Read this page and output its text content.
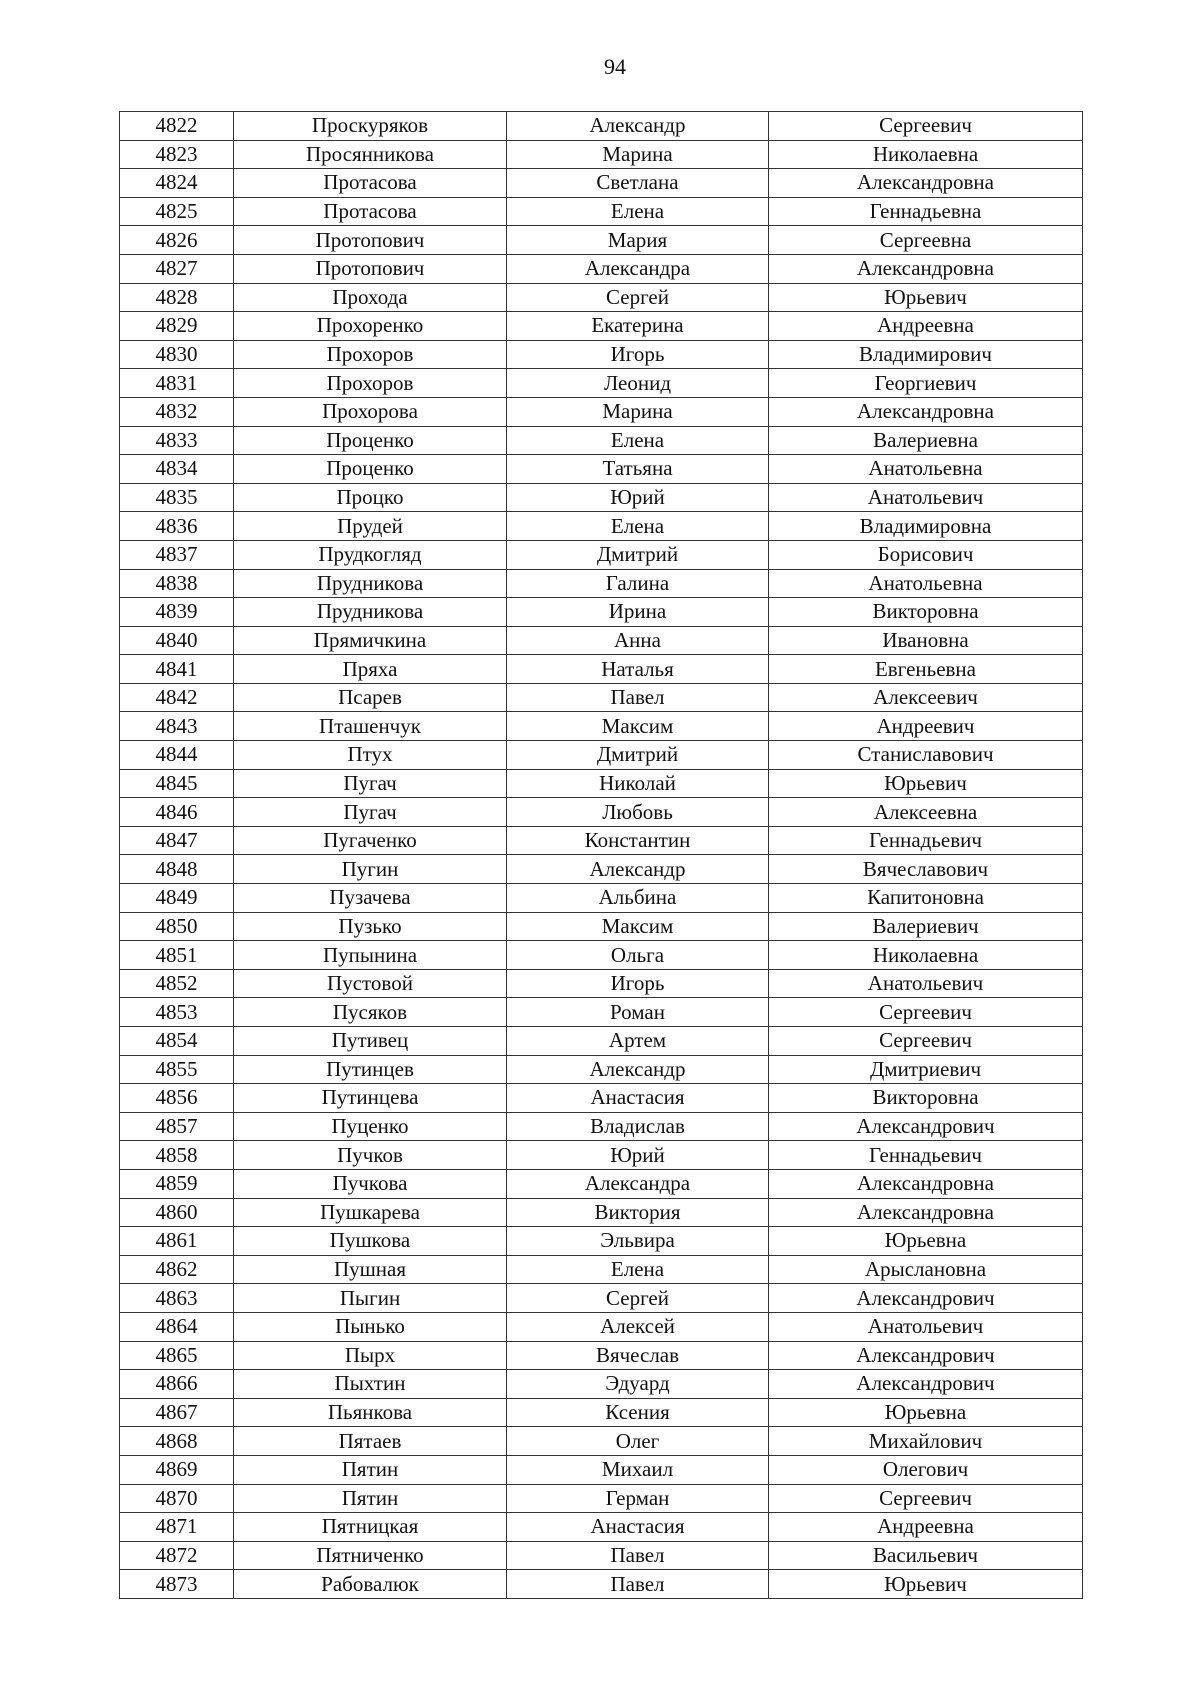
94
4822	Проскуряков	Александр	Сергеевич
4823	Просянникова	Марина	Николаевна
4824	Протасова	Светлана	Александровна
4825	Протасова	Елена	Геннадьевна
4826	Протопович	Мария	Сергеевна
4827	Протопович	Александра	Александровна
4828	Прохода	Сергей	Юрьевич
4829	Прохоренко	Екатерина	Андреевна
4830	Прохоров	Игорь	Владимирович
4831	Прохоров	Леонид	Георгиевич
4832	Прохорова	Марина	Александровна
4833	Проценко	Елена	Валериевна
4834	Проценко	Татьяна	Анатольевна
4835	Процко	Юрий	Анатольевич
4836	Прудей	Елена	Владимировна
4837	Прудкогляд	Дмитрий	Борисович
4838	Прудникова	Галина	Анатольевна
4839	Прудникова	Ирина	Викторовна
4840	Прямичкина	Анна	Ивановна
4841	Пряха	Наталья	Евгеньевна
4842	Псарев	Павел	Алексеевич
4843	Пташенчук	Максим	Андреевич
4844	Птух	Дмитрий	Станиславович
4845	Пугач	Николай	Юрьевич
4846	Пугач	Любовь	Алексеевна
4847	Пугаченко	Константин	Геннадьевич
4848	Пугин	Александр	Вячеславович
4849	Пузачева	Альбина	Капитоновна
4850	Пузько	Максим	Валериевич
4851	Пупынина	Ольга	Николаевна
4852	Пустовой	Игорь	Анатольевич
4853	Пусяков	Роман	Сергеевич
4854	Путивец	Артем	Сергеевич
4855	Путинцев	Александр	Дмитриевич
4856	Путинцева	Анастасия	Викторовна
4857	Пуценко	Владислав	Александрович
4858	Пучков	Юрий	Геннадьевич
4859	Пучкова	Александра	Александровна
4860	Пушкарева	Виктория	Александровна
4861	Пушкова	Эльвира	Юрьевна
4862	Пушная	Елена	Арыслановна
4863	Пыгин	Сергей	Александрович
4864	Пынько	Алексей	Анатольевич
4865	Пырх	Вячеслав	Александрович
4866	Пыхтин	Эдуард	Александрович
4867	Пьянкова	Ксения	Юрьевна
4868	Пятаев	Олег	Михайлович
4869	Пятин	Михаил	Олегович
4870	Пятин	Герман	Сергеевич
4871	Пятницкая	Анастасия	Андреевна
4872	Пятниченко	Павел	Васильевич
4873	Рабовалюк	Павел	Юрьевич
